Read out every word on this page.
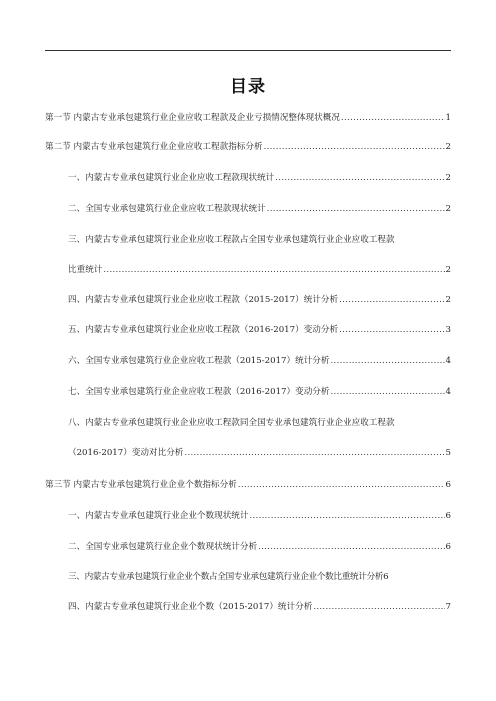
目录
第一节 内蒙古专业承包建筑行业企业应收工程款及企业亏损情况整体现状概况 .....	1
第二节 内蒙古专业承包建筑行业企业应收工程款指标分析 .....	2
一、内蒙古专业承包建筑行业企业应收工程款现状统计 .....	2
二、全国专业承包建筑行业企业应收工程款现状统计 .....	2
三、内蒙古专业承包建筑行业企业应收工程款占全国专业承包建筑行业企业应收工程款
比重统计 .....	2
四、内蒙古专业承包建筑行业企业应收工程款（2015-2017）统计分析 .....	2
五、内蒙古专业承包建筑行业企业应收工程款（2016-2017）变动分析 .....	3
六、全国专业承包建筑行业企业应收工程款（2015-2017）统计分析 .....	4
七、全国专业承包建筑行业企业应收工程款（2016-2017）变动分析 .....	4
八、内蒙古专业承包建筑行业企业应收工程款同全国专业承包建筑行业企业应收工程款
（2016-2017）变动对比分析 .....	5
第三节 内蒙古专业承包建筑行业企业个数指标分析 .....	6
一、内蒙古专业承包建筑行业企业个数现状统计 .....	6
二、全国专业承包建筑行业企业个数现状统计分析 .....	6
三、内蒙古专业承包建筑行业企业个数占全国专业承包建筑行业企业个数比重统计分析 6
四、内蒙古专业承包建筑行业企业个数（2015-2017）统计分析 .....	7
